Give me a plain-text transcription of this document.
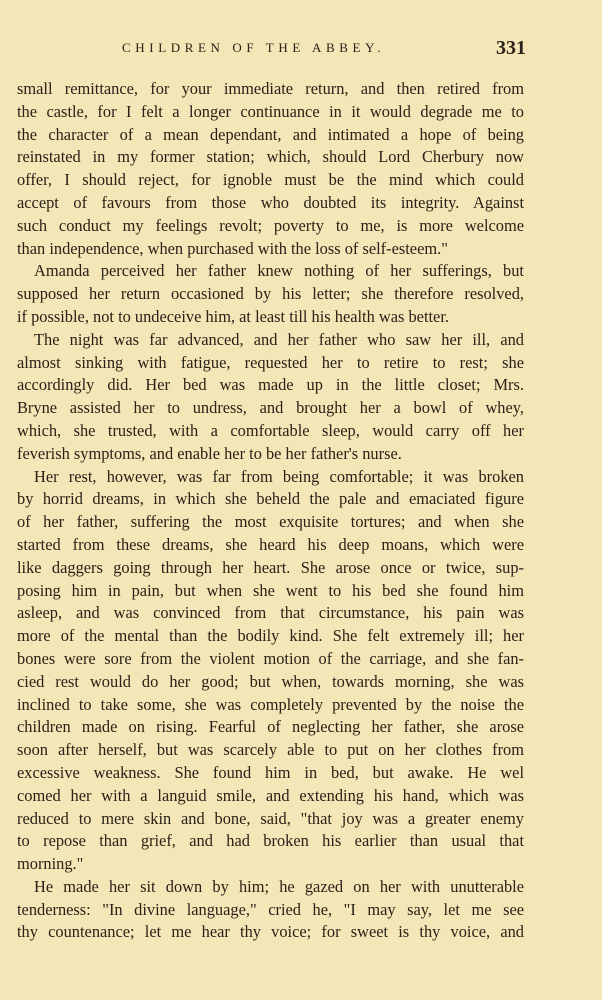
CHILDREN OF THE ABBEY.	331
small remittance, for your immediate return, and then retired from
the castle, for I felt a longer continuance in it would degrade me to
the character of a mean dependant, and intimated a hope of being
reinstated in my former station; which, should Lord Cherbury now
offer, I should reject, for ignoble must be the mind which could
accept of favours from those who doubted its integrity. Against
such conduct my feelings revolt; poverty to me, is more welcome
than independence, when purchased with the loss of self-esteem."
Amanda perceived her father knew nothing of her sufferings, but
supposed her return occasioned by his letter; she therefore resolved,
if possible, not to undeceive him, at least till his health was better.
The night was far advanced, and her father who saw her ill, and
almost sinking with fatigue, requested her to retire to rest; she
accordingly did. Her bed was made up in the little closet; Mrs.
Bryne assisted her to undress, and brought her a bowl of whey,
which, she trusted, with a comfortable sleep, would carry off her
feverish symptoms, and enable her to be her father's nurse.
Her rest, however, was far from being comfortable; it was broken
by horrid dreams, in which she beheld the pale and emaciated figure
of her father, suffering the most exquisite tortures; and when she
started from these dreams, she heard his deep moans, which were
like daggers going through her heart. She arose once or twice, sup-
posing him in pain, but when she went to his bed she found him
asleep, and was convinced from that circumstance, his pain was
more of the mental than the bodily kind. She felt extremely ill; her
bones were sore from the violent motion of the carriage, and she fan-
cied rest would do her good; but when, towards morning, she was
inclined to take some, she was completely prevented by the noise the
children made on rising. Fearful of neglecting her father, she arose
soon after herself, but was scarcely able to put on her clothes from
excessive weakness. She found him in bed, but awake. He wel
comed her with a languid smile, and extending his hand, which was
reduced to mere skin and bone, said, "that joy was a greater enemy
to repose than grief, and had broken his earlier than usual that
morning."
He made her sit down by him; he gazed on her with unutterable
tenderness: "In divine language," cried he, "I may say, let me see
thy countenance; let me hear thy voice; for sweet is thy voice, and
